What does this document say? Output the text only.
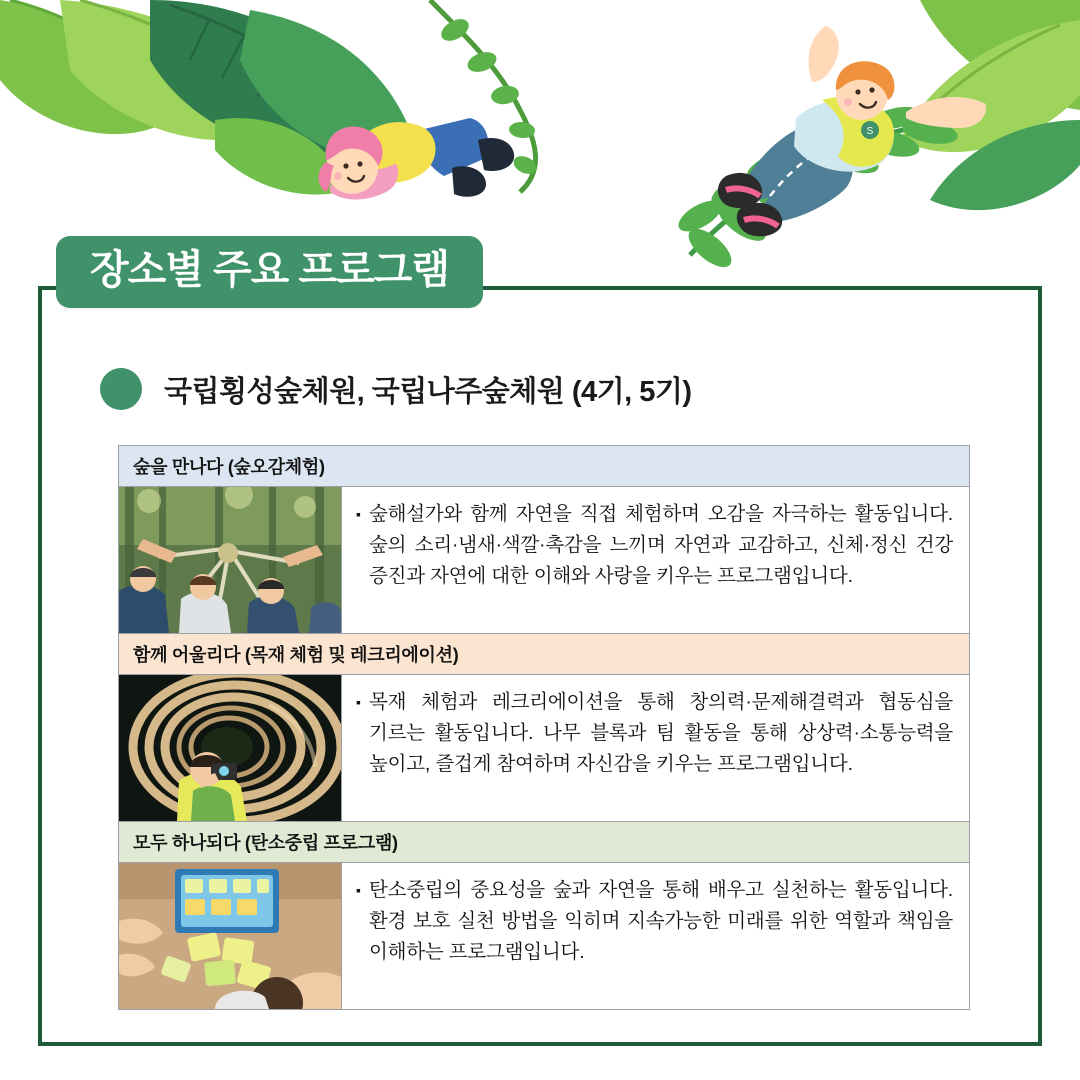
S
장소별 주요 프로그램
국립횡성숲체원, 국립나주숲체원 (4기, 5기)
숲을 만나다 (숲오감체험)
▪ 숲해설가와 함께 자연을 직접 체험하며 오감을 자극하는 활동입니다. 숲의 소리·냄새·색깔·촉감을 느끼며 자연과 교감하고, 신체·정신 건강 증진과 자연에 대한 이해와 사랑을 키우는 프로그램입니다.
함께 어울리다 (목재 체험 및 레크리에이션)
▪ 목재 체험과 레크리에이션을 통해 창의력·문제해결력과 협동심을 기르는 활동입니다. 나무 블록과 팀 활동을 통해 상상력·소통능력을 높이고, 즐겁게 참여하며 자신감을 키우는 프로그램입니다.
모두 하나되다 (탄소중립 프로그램)
▪ 탄소중립의 중요성을 숲과 자연을 통해 배우고 실천하는 활동입니다. 환경 보호 실천 방법을 익히며 지속가능한 미래를 위한 역할과 책임을 이해하는 프로그램입니다.
